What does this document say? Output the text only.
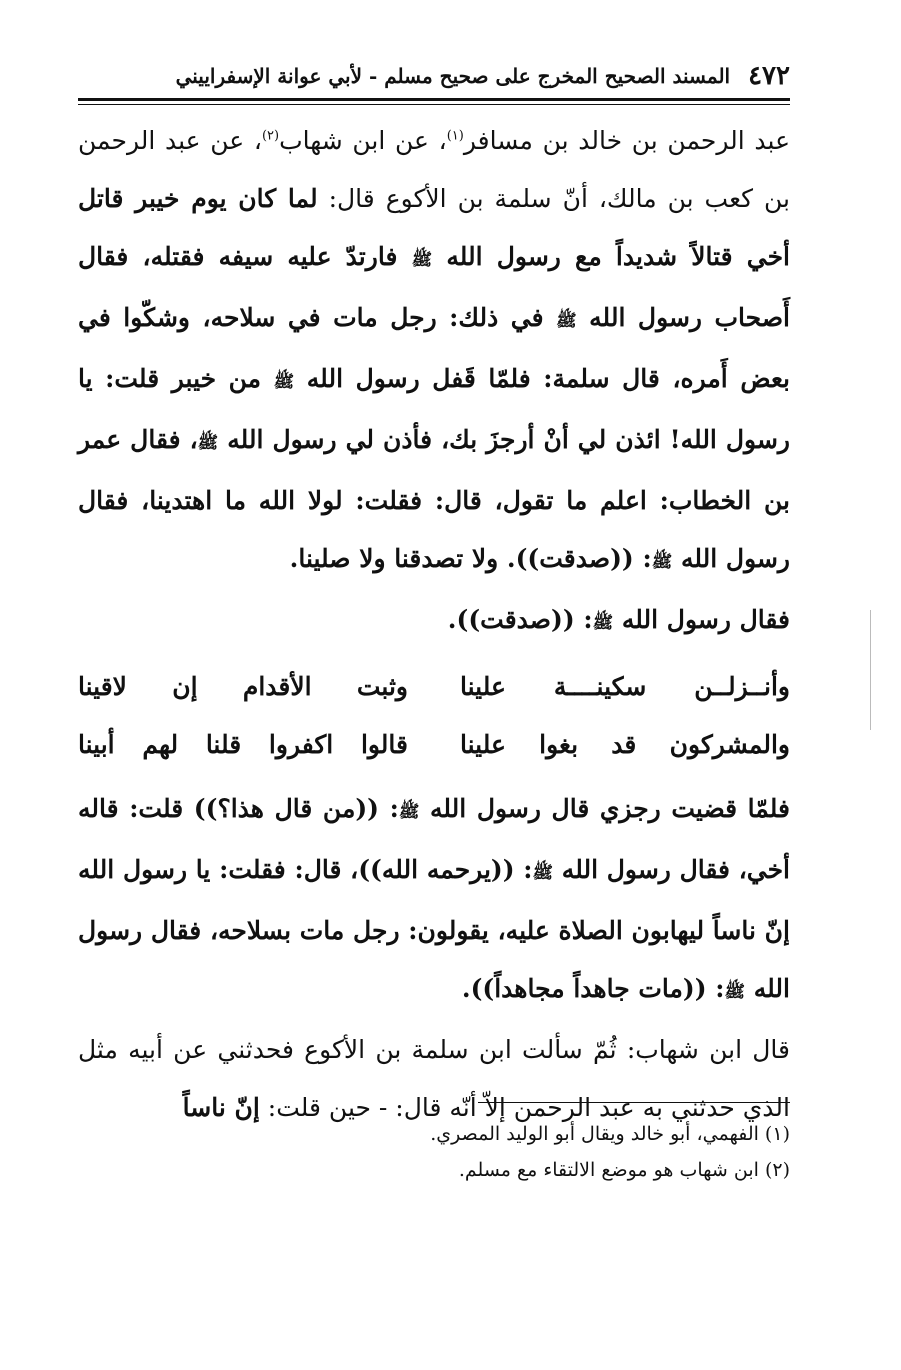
٤٧٢
المسند الصحيح المخرج على صحيح مسلم - لأبي عوانة الإسفراييني

عبد الرحمن بن خالد بن مسافر$^{(١)}$، عن ابن شهاب$^{(٢)}$، عن عبد الرحمن بن كعب بن مالك، أنّ سلمة بن الأكوع قال: لما كان يوم خيبر قاتل أخي قتالاً شديداً مع رسول الله ﷺ فارتدّ عليه سيفه فقتله، فقال أَصحاب رسول الله ﷺ في ذلك: رجل مات في سلاحه، وشكّوا في بعض أَمره، قال سلمة: فلمّا قَفل رسول الله ﷺ من خيبر قلت: يا رسول الله! ائذن لي أنْ أرجزَ بك، فأذن لي رسول الله ﷺ، فقال عمر بن الخطاب: اعلم ما تقول، قال: فقلت: لولا الله ما اهتدينا، فقال رسول الله ﷺ: ((صدقت)). ولا تصدقنا ولا صلينا.

فقال رسول الله ﷺ: ((صدقت)).

وأنــزلــن سكينــــة علينا
وثبت الأقدام إن لاقينا
والمشركون قد بغوا علينا
قالوا اكفروا قلنا لهم أبينا

فلمّا قضيت رجزي قال رسول الله ﷺ: ((من قال هذا؟)) قلت: قاله أخي، فقال رسول الله ﷺ: ((يرحمه الله))، قال: فقلت: يا رسول الله إنّ ناساً ليهابون الصلاة عليه، يقولون: رجل مات بسلاحه، فقال رسول الله ﷺ: ((مات جاهداً مجاهداً)).

قال ابن شهاب: ثُمّ سألت ابن سلمة بن الأكوع فحدثني عن أبيه مثل الذي حدثني به عبد الرحمن إلاّ أنّه قال: - حين قلت: إنّ ناساً

(١) الفهمي، أبو خالد ويقال أبو الوليد المصري.

(٢) ابن شهاب هو موضع الالتقاء مع مسلم.
